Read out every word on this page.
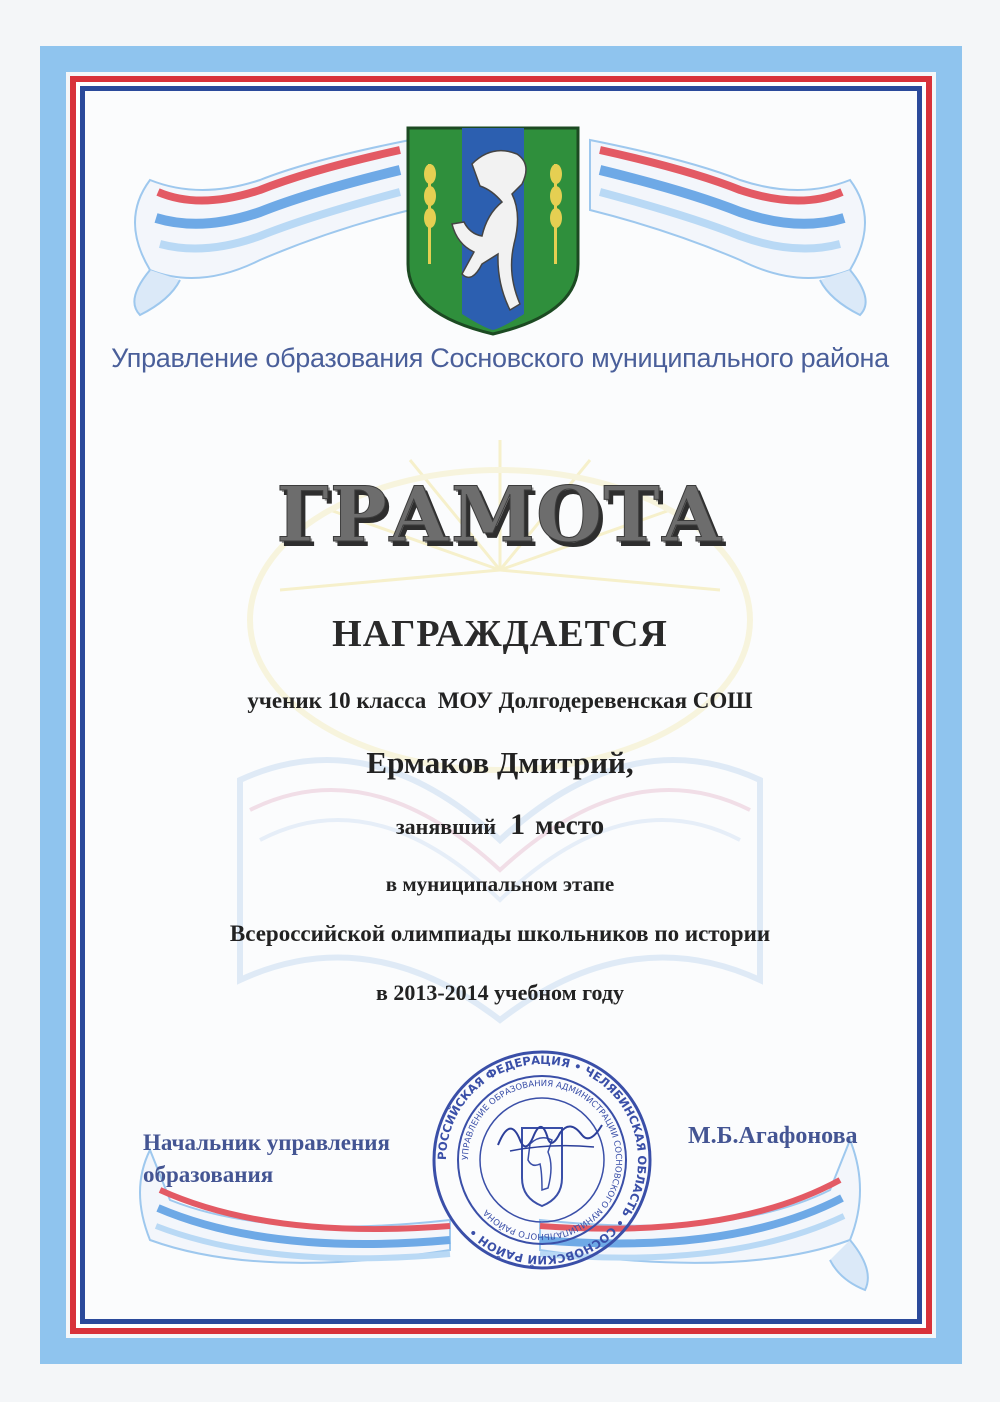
Управление образования Сосновского муниципального района
ГРАМОТА
НАГРАЖДАЕТСЯ
ученик 10 класса  МОУ Долгодеревенская СОШ
Ермаков Дмитрий,
занявший 1 место
в муниципальном этапе
Всероссийской олимпиады школьников по истории
в 2013-2014 учебном году
Начальник управления
образования
М.Б.Агафонова
РОССИЙСКАЯ ФЕДЕРАЦИЯ • ЧЕЛЯБИНСКАЯ ОБЛАСТЬ • СОСНОВСКИЙ РАЙОН •
УПРАВЛЕНИЕ ОБРАЗОВАНИЯ АДМИНИСТРАЦИИ СОСНОВСКОГО МУНИЦИПАЛЬНОГО РАЙОНА
